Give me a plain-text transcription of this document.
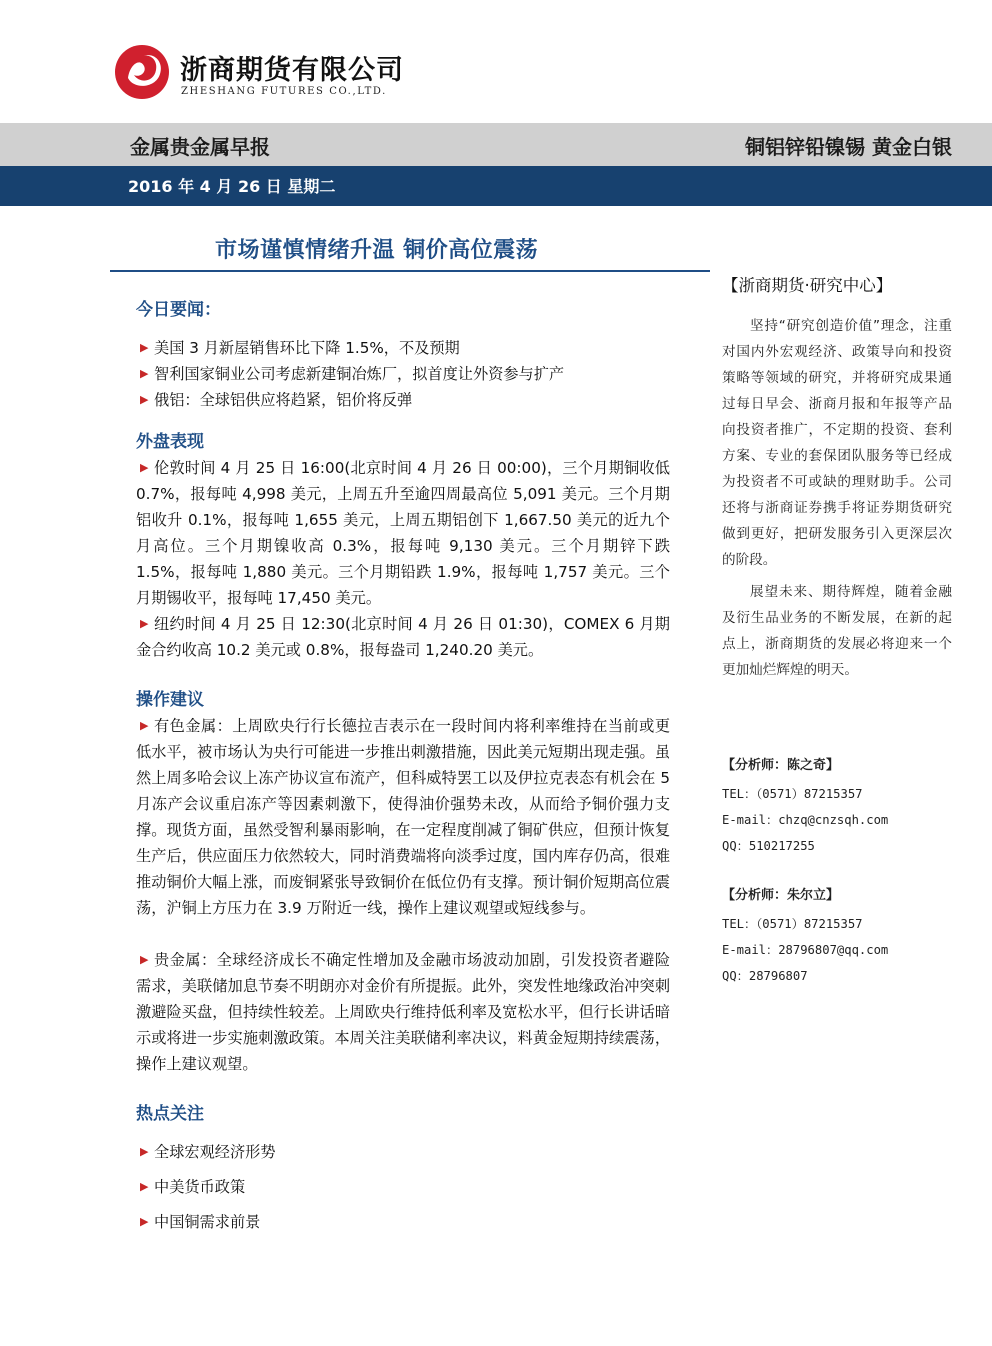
浙商期货有限公司
ZHESHANG FUTURES CO.,LTD.
金属贵金属早报	铜铝锌铅镍锡 黄金白银
2016 年 4 月 26 日 星期二
市场谨慎情绪升温 铜价高位震荡
今日要闻：
▶ 美国 3 月新屋销售环比下降 1.5%，不及预期
▶ 智利国家铜业公司考虑新建铜冶炼厂，拟首度让外资参与扩产
▶ 俄铝：全球铝供应将趋紧，铝价将反弹
外盘表现

▶ 伦敦时间 4 月 25 日 16:00(北京时间 4 月 26 日 00:00)，三个月期铜收低 0.7%，报每吨 4,998 美元，上周五升至逾四周最高位 5,091 美元。三个月期铝收升 0.1%，报每吨 1,655 美元，上周五期铝创下 1,667.50 美元的近九个月高位。三个月期镍收高 0.3%，报每吨 9,130 美元。三个月期锌下跌 1.5%，报每吨 1,880 美元。三个月期铅跌 1.9%，报每吨 1,757 美元。三个月期锡收平，报每吨 17,450 美元。

▶ 纽约时间 4 月 25 日 12:30(北京时间 4 月 26 日 01:30)，COMEX 6 月期金合约收高 10.2 美元或 0.8%，报每盎司 1,240.20 美元。

操作建议

▶ 有色金属：上周欧央行行长德拉吉表示在一段时间内将利率维持在当前或更低水平，被市场认为央行可能进一步推出刺激措施，因此美元短期出现走强。虽然上周多哈会议上冻产协议宣布流产，但科威特罢工以及伊拉克表态有机会在 5 月冻产会议重启冻产等因素刺激下，使得油价强势未改，从而给予铜价强力支撑。现货方面，虽然受智利暴雨影响，在一定程度削减了铜矿供应，但预计恢复生产后，供应面压力依然较大，同时消费端将向淡季过度，国内库存仍高，很难推动铜价大幅上涨，而废铜紧张导致铜价在低位仍有支撑。预计铜价短期高位震荡，沪铜上方压力在 3.9 万附近一线，操作上建议观望或短线参与。

▶ 贵金属：全球经济成长不确定性增加及金融市场波动加剧，引发投资者避险需求，美联储加息节奏不明朗亦对金价有所提振。此外，突发性地缘政治冲突刺激避险买盘，但持续性较差。上周欧央行维持低利率及宽松水平，但行长讲话暗示或将进一步实施刺激政策。本周关注美联储利率决议，料黄金短期持续震荡，操作上建议观望。

热点关注
▶ 全球宏观经济形势
▶ 中美货币政策
▶ 中国铜需求前景
【浙商期货·研究中心】

坚持“研究创造价值”理念，注重对国内外宏观经济、政策导向和投资策略等领域的研究，并将研究成果通过每日早会、浙商月报和年报等产品向投资者推广，不定期的投资、套利方案、专业的套保团队服务等已经成为投资者不可或缺的理财助手。公司还将与浙商证券携手将证券期货研究做到更好，把研发服务引入更深层次的阶段。

展望未来、期待辉煌，随着金融及衍生品业务的不断发展，在新的起点上，浙商期货的发展必将迎来一个更加灿烂辉煌的明天。

【分析师：陈之奇】
TEL：（0571）87215357
E-mail：chzq@cnzsqh.com
QQ：510217255
【分析师：朱尔立】
TEL：（0571）87215357
E-mail：28796807@qq.com
QQ：28796807
